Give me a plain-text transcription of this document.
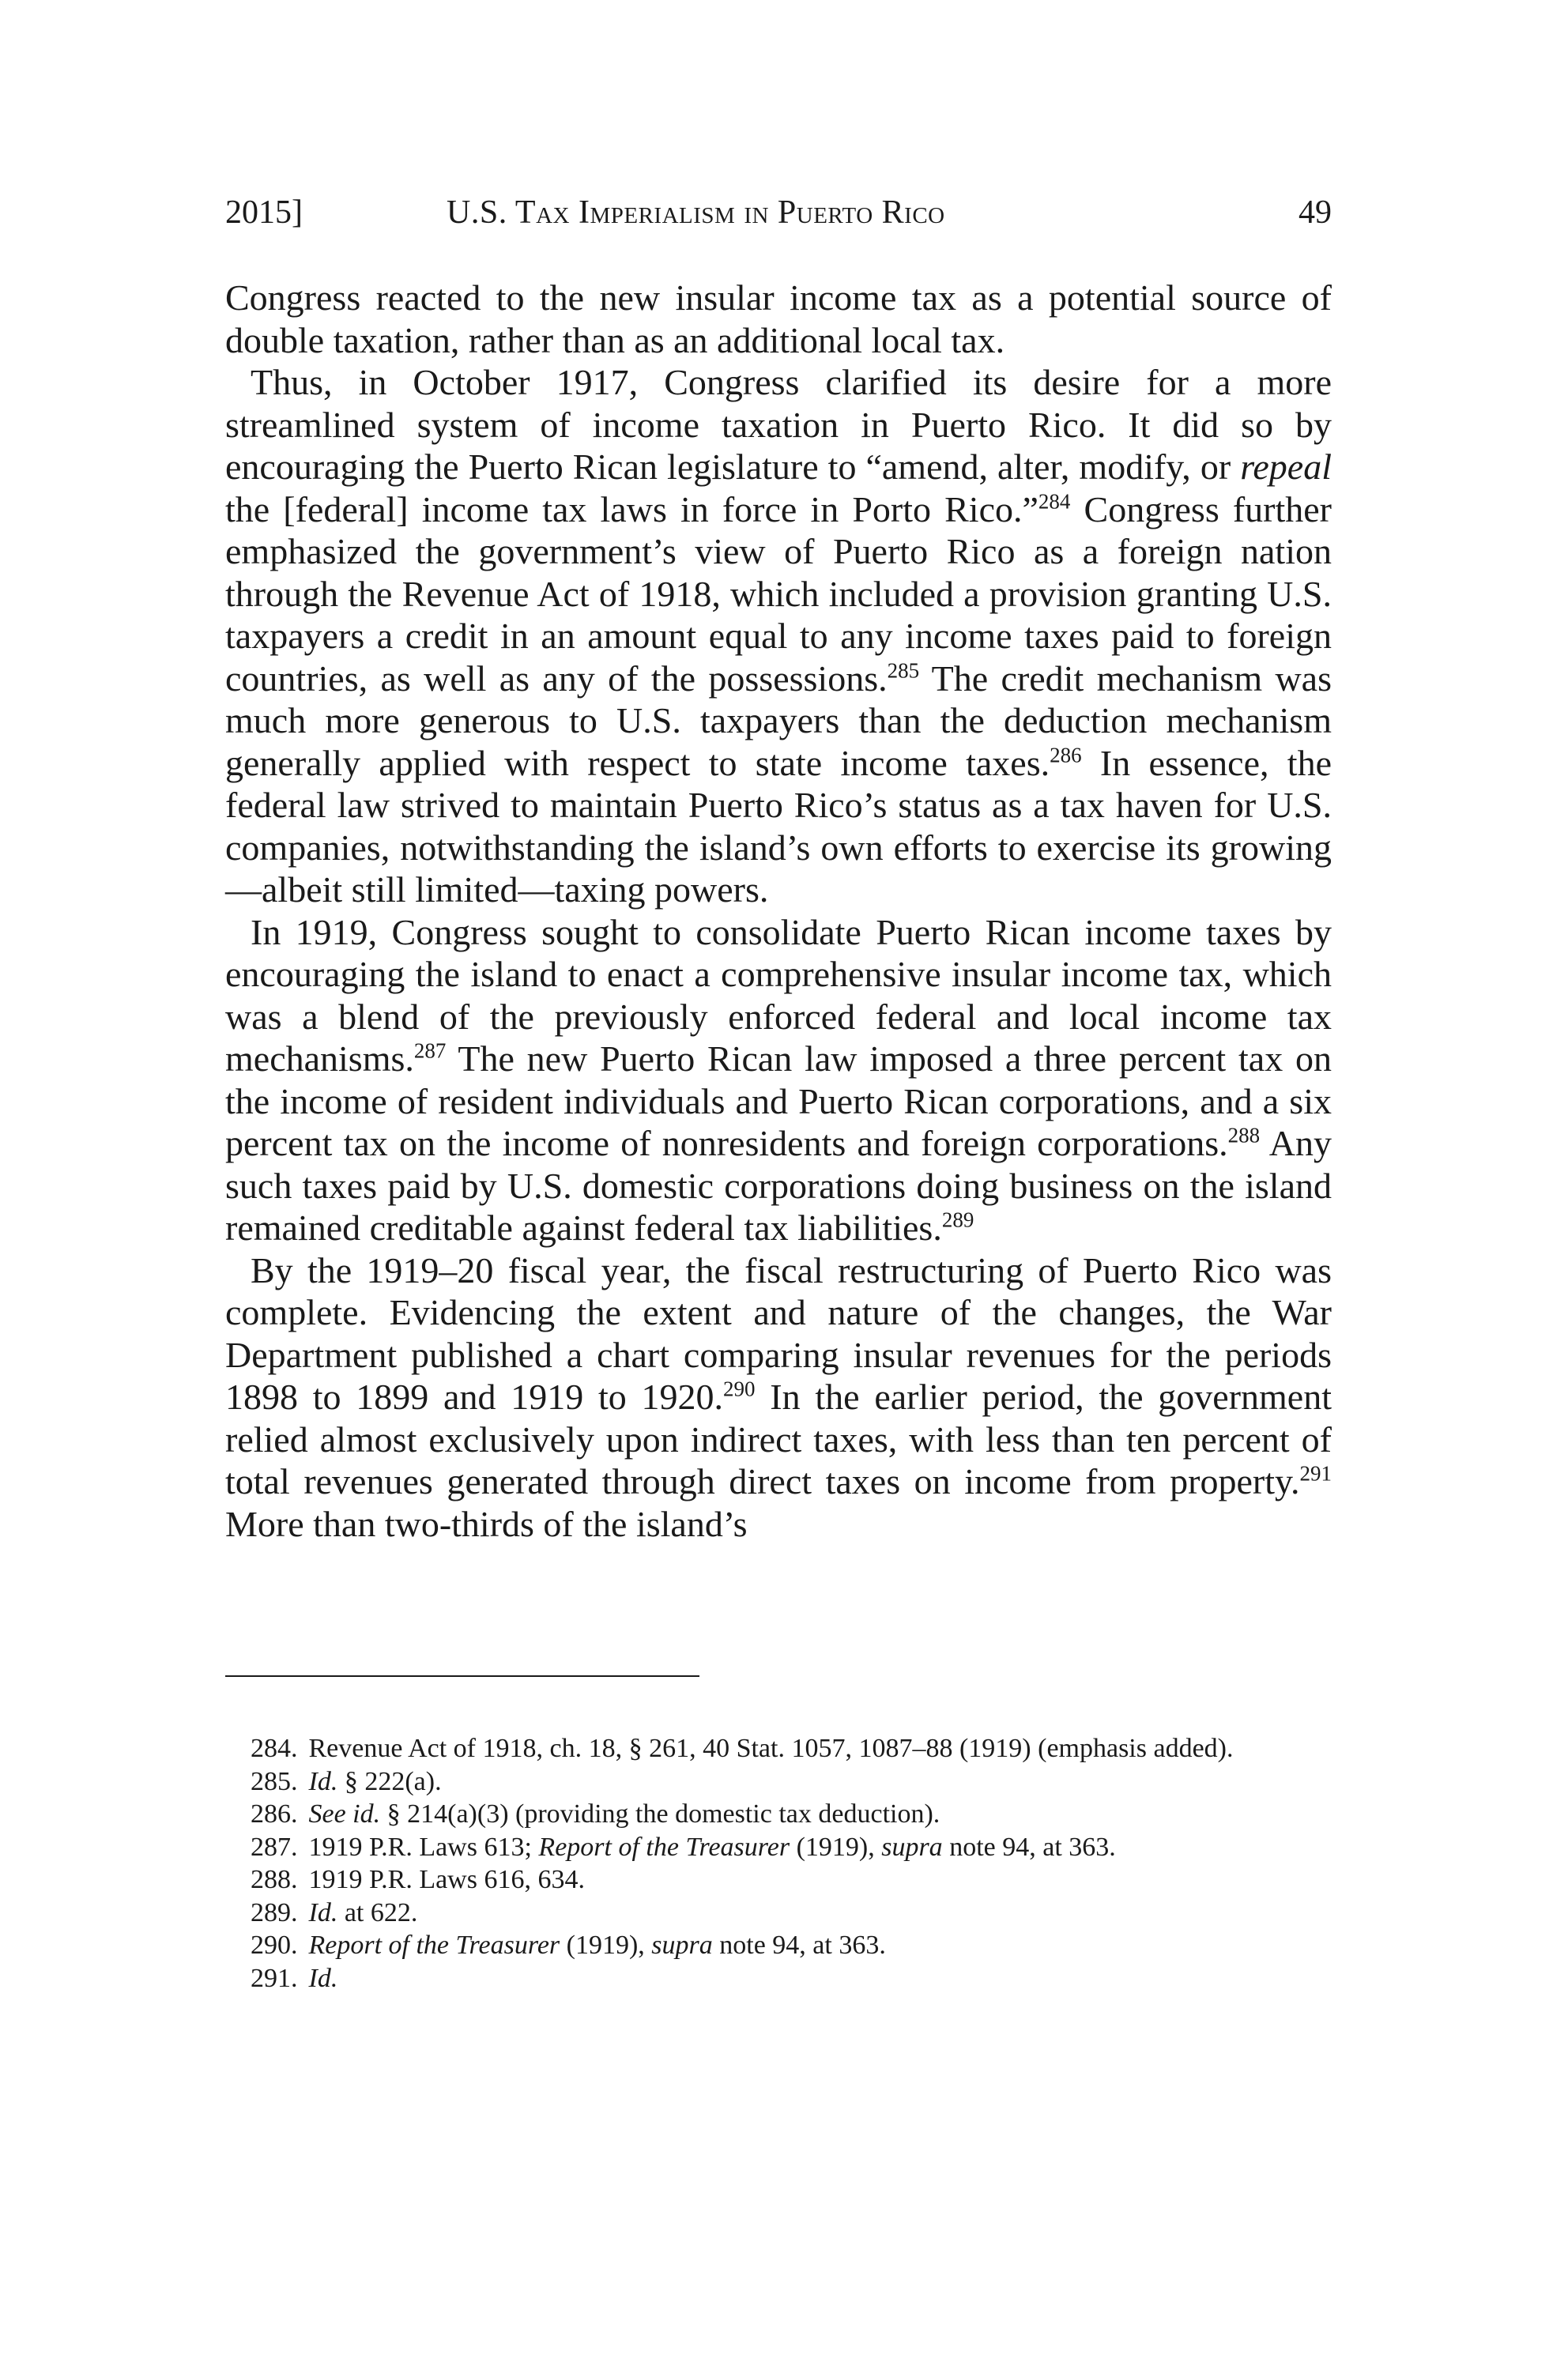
2015]	U.S. Tax Imperialism in Puerto Rico	49

Congress reacted to the new insular income tax as a potential source of double taxation, rather than as an additional local tax.

Thus, in October 1917, Congress clarified its desire for a more streamlined system of income taxation in Puerto Rico. It did so by encouraging the Puerto Rican legislature to “amend, alter, modify, or repeal the [federal] income tax laws in force in Porto Rico.”$^{284}$ Congress further emphasized the government’s view of Puerto Rico as a foreign nation through the Revenue Act of 1918, which included a provision granting U.S. taxpayers a credit in an amount equal to any income taxes paid to foreign countries, as well as any of the possessions.$^{285}$ The credit mechanism was much more generous to U.S. taxpayers than the deduction mechanism generally applied with respect to state income taxes.$^{286}$ In essence, the federal law strived to maintain Puerto Rico’s status as a tax haven for U.S. companies, notwithstanding the island’s own efforts to exercise its growing—albeit still limited—taxing powers.

In 1919, Congress sought to consolidate Puerto Rican income taxes by encouraging the island to enact a comprehensive insular income tax, which was a blend of the previously enforced federal and local income tax mechanisms.$^{287}$ The new Puerto Rican law imposed a three percent tax on the income of resident individuals and Puerto Rican corporations, and a six percent tax on the income of nonresidents and foreign corporations.$^{288}$ Any such taxes paid by U.S. domestic corporations doing business on the island remained creditable against federal tax liabilities.$^{289}$

By the 1919–20 fiscal year, the fiscal restructuring of Puerto Rico was complete. Evidencing the extent and nature of the changes, the War Department published a chart comparing insular revenues for the periods 1898 to 1899 and 1919 to 1920.$^{290}$ In the earlier period, the government relied almost exclusively upon indirect taxes, with less than ten percent of total revenues generated through direct taxes on income from property.$^{291}$ More than two-thirds of the island’s

284. Revenue Act of 1918, ch. 18, § 261, 40 Stat. 1057, 1087–88 (1919) (emphasis added).

285. Id. § 222(a).

286. See id. § 214(a)(3) (providing the domestic tax deduction).

287. 1919 P.R. Laws 613; Report of the Treasurer (1919), supra note 94, at 363.

288. 1919 P.R. Laws 616, 634.

289. Id. at 622.

290. Report of the Treasurer (1919), supra note 94, at 363.

291. Id.
